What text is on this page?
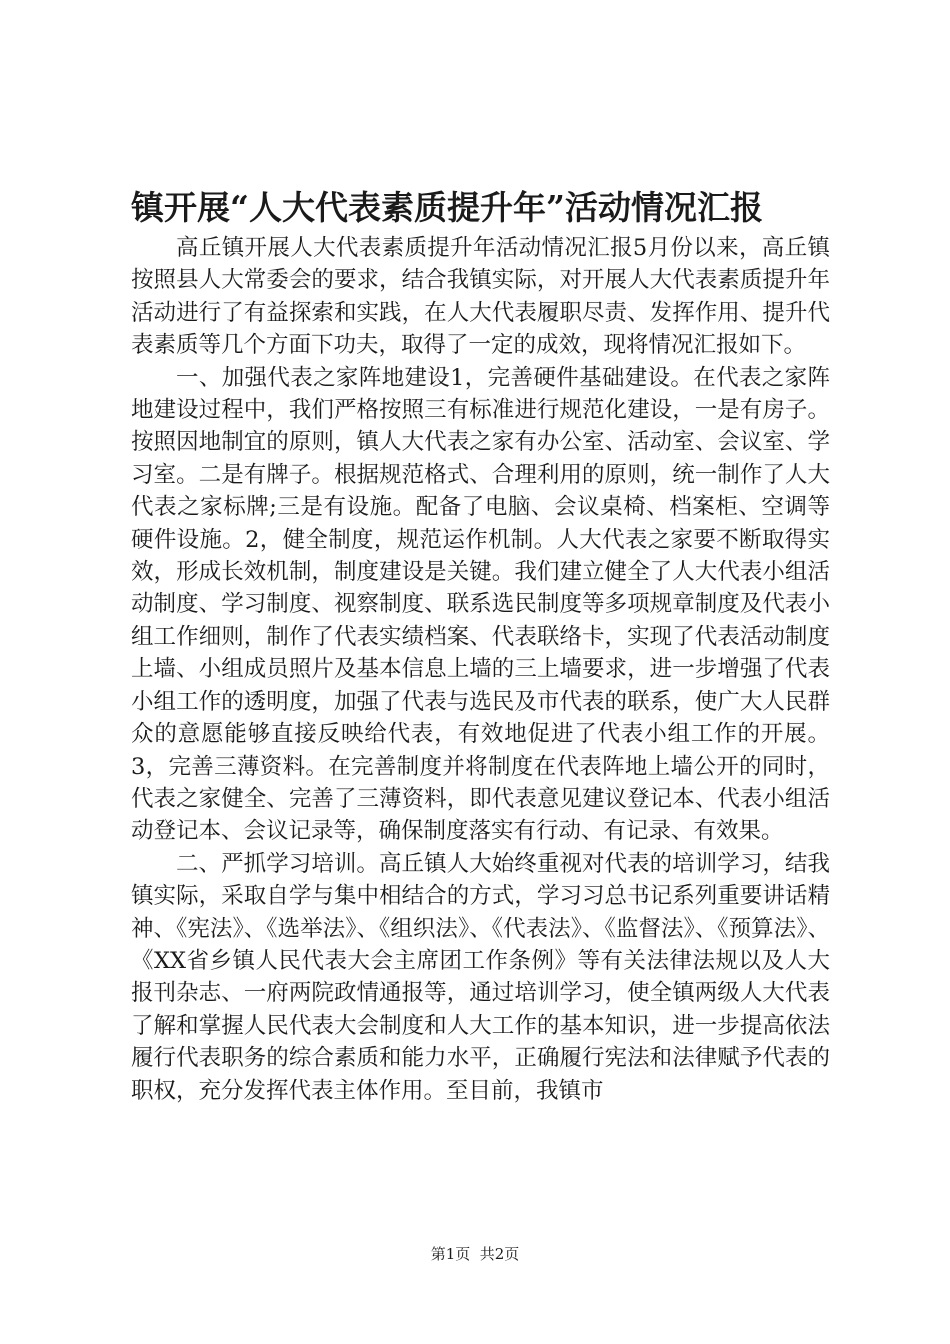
镇开展“人大代表素质提升年”活动情况汇报

高丘镇开展人大代表素质提升年活动情况汇报5月份以来，高丘镇按照县人大常委会的要求，结合我镇实际，对开展人大代表素质提升年活动进行了有益探索和实践，在人大代表履职尽责、发挥作用、提升代表素质等几个方面下功夫，取得了一定的成效，现将情况汇报如下。

一、加强代表之家阵地建设1，完善硬件基础建设。在代表之家阵地建设过程中，我们严格按照三有标准进行规范化建设，一是有房子。按照因地制宜的原则，镇人大代表之家有办公室、活动室、会议室、学习室。二是有牌子。根据规范格式、合理利用的原则，统一制作了人大代表之家标牌;三是有设施。配备了电脑、会议桌椅、档案柜、空调等硬件设施。2，健全制度，规范运作机制。人大代表之家要不断取得实效，形成长效机制，制度建设是关键。我们建立健全了人大代表小组活动制度、学习制度、视察制度、联系选民制度等多项规章制度及代表小组工作细则，制作了代表实绩档案、代表联络卡，实现了代表活动制度上墙、小组成员照片及基本信息上墙的三上墙要求，进一步增强了代表小组工作的透明度，加强了代表与选民及市代表的联系，使广大人民群众的意愿能够直接反映给代表，有效地促进了代表小组工作的开展。3，完善三薄资料。在完善制度并将制度在代表阵地上墙公开的同时，代表之家健全、完善了三薄资料，即代表意见建议登记本、代表小组活动登记本、会议记录等，确保制度落实有行动、有记录、有效果。

二、严抓学习培训。高丘镇人大始终重视对代表的培训学习，结我镇实际，采取自学与集中相结合的方式，学习习总书记系列重要讲话精神、《宪法》、《选举法》、《组织法》、《代表法》、《监督法》、《预算法》、《XX省乡镇人民代表大会主席团工作条例》等有关法律法规以及人大报刊杂志、一府两院政情通报等，通过培训学习，使全镇两级人大代表了解和掌握人民代表大会制度和人大工作的基本知识，进一步提高依法履行代表职务的综合素质和能力水平，正确履行宪法和法律赋予代表的职权，充分发挥代表主体作用。至目前，我镇市

第1页  共2页
